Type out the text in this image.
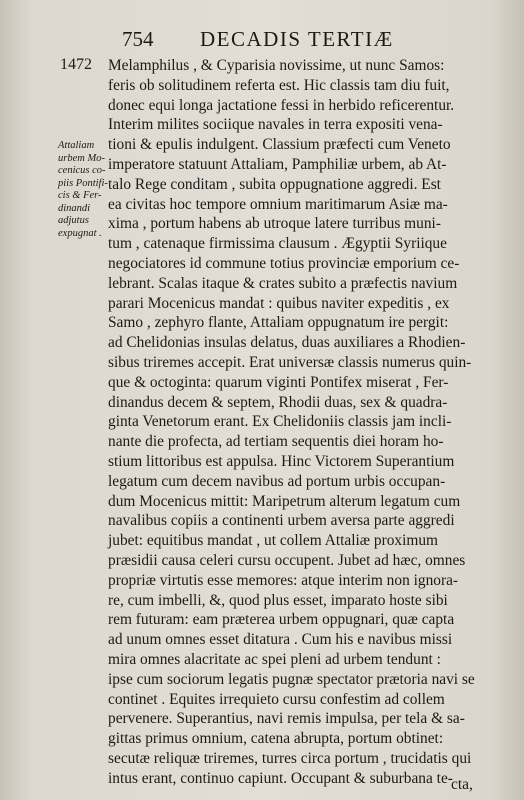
754 DECADIS TERTIÆ
1472
Attaliam
urbem Mo-
cenicus co-
piis Pontifi-
cis & Fer-
dinandi
adjutus
expugnat .
Melamphilus , & Cyparisia novissime, ut nunc Samos:
feris ob solitudinem referta est. Hic classis tam diu fuit,
donec equi longa jactatione fessi in herbido reficerentur.
Interim milites sociique navales in terra expositi vena-
tioni & epulis indulgent. Classium præfecti cum Veneto
imperatore statuunt Attaliam, Pamphiliæ urbem, ab At-
talo Rege conditam , subita oppugnatione aggredi. Est
ea civitas hoc tempore omnium maritimarum Asiæ ma-
xima , portum habens ab utroque latere turribus muni-
tum , catenaque firmissima clausum . Ægyptii Syriique
negociatores id commune totius provinciæ emporium ce-
lebrant. Scalas itaque & crates subito a præfectis navium
parari Mocenicus mandat : quibus naviter expeditis , ex
Samo , zephyro flante, Attaliam oppugnatum ire pergit:
ad Chelidonias insulas delatus, duas auxiliares a Rhodien-
sibus triremes accepit. Erat universæ classis numerus quin-
que & octoginta: quarum viginti Pontifex miserat , Fer-
dinandus decem & septem, Rhodii duas, sex & quadra-
ginta Venetorum erant. Ex Chelidoniis classis jam incli-
nante die profecta, ad tertiam sequentis diei horam ho-
stium littoribus est appulsa. Hinc Victorem Superantium
legatum cum decem navibus ad portum urbis occupan-
dum Mocenicus mittit: Maripetrum alterum legatum cum
navalibus copiis a continenti urbem aversa parte aggredi
jubet: equitibus mandat , ut collem Attaliæ proximum
præsidii causa celeri cursu occupent. Jubet ad hæc, omnes
propriæ virtutis esse memores: atque interim non ignora-
re, cum imbelli, &, quod plus esset, imparato hoste sibi
rem futuram: eam præterea urbem oppugnari, quæ capta
ad unum omnes esset ditatura . Cum his e navibus missi
mira omnes alacritate ac spei pleni ad urbem tendunt :
ipse cum sociorum legatis pugnæ spectator prætoria navi se
continet . Equites irrequieto cursu confestim ad collem
pervenere. Superantius, navi remis impulsa, per tela & sa-
gittas primus omnium, catena abrupta, portum obtinet:
secutæ reliquæ triremes, turres circa portum , trucidatis qui
intus erant, continuo capiunt. Occupant & suburbana te-
cta,
